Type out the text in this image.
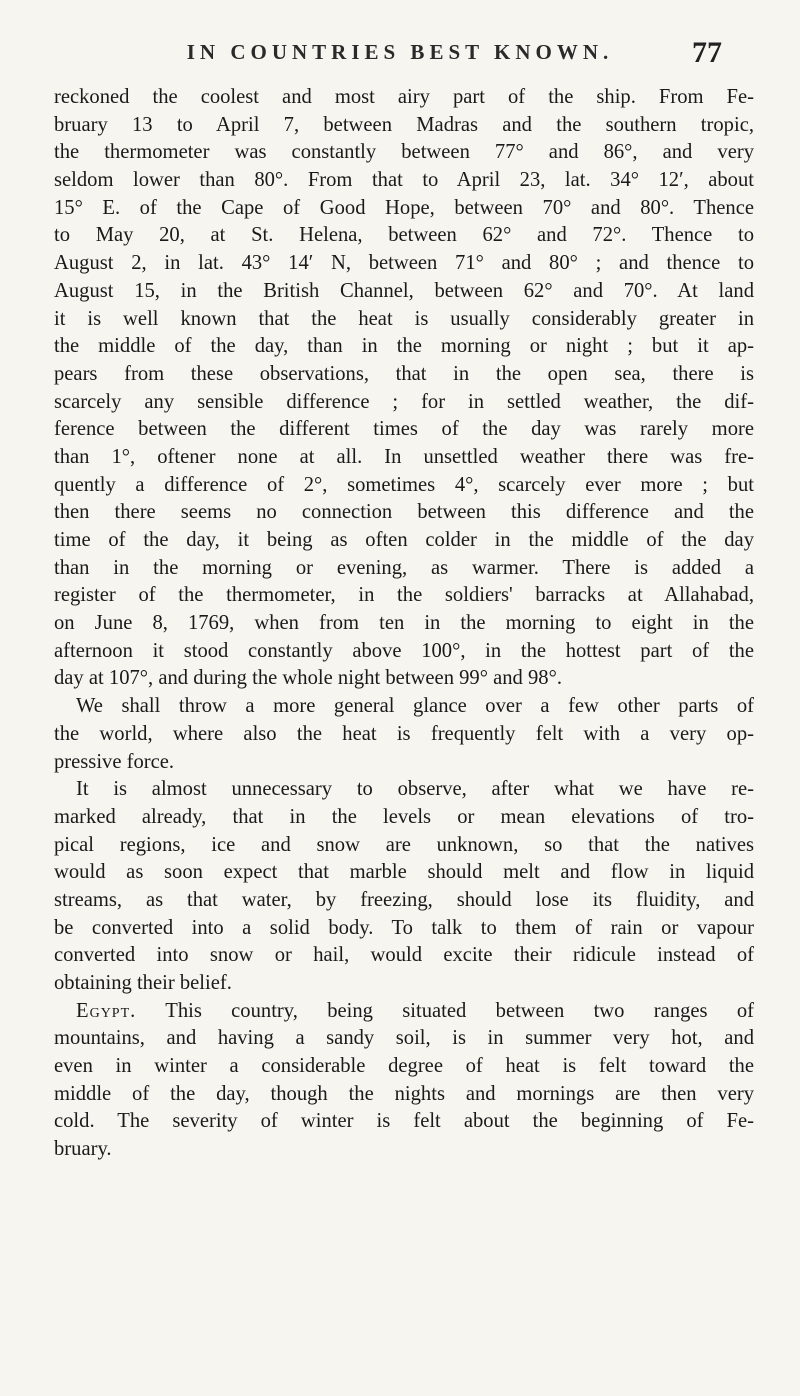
IN COUNTRIES BEST KNOWN.	77
reckoned the coolest and most airy part of the ship. From Fe-
bruary 13 to April 7, between Madras and the southern tropic,
the thermometer was constantly between 77° and 86°, and very
seldom lower than 80°. From that to April 23, lat. 34° 12′, about
15° E. of the Cape of Good Hope, between 70° and 80°. Thence
to May 20, at St. Helena, between 62° and 72°. Thence to
August 2, in lat. 43° 14′ N, between 71° and 80° ; and thence to
August 15, in the British Channel, between 62° and 70°. At land
it is well known that the heat is usually considerably greater in
the middle of the day, than in the morning or night ; but it ap-
pears from these observations, that in the open sea, there is
scarcely any sensible difference ; for in settled weather, the dif-
ference between the different times of the day was rarely more
than 1°, oftener none at all. In unsettled weather there was fre-
quently a difference of 2°, sometimes 4°, scarcely ever more ; but
then there seems no connection between this difference and the
time of the day, it being as often colder in the middle of the day
than in the morning or evening, as warmer. There is added a
register of the thermometer, in the soldiers' barracks at Allahabad,
on June 8, 1769, when from ten in the morning to eight in the
afternoon it stood constantly above 100°, in the hottest part of the
day at 107°, and during the whole night between 99° and 98°.
We shall throw a more general glance over a few other parts of
the world, where also the heat is frequently felt with a very op-
pressive force.
It is almost unnecessary to observe, after what we have re-
marked already, that in the levels or mean elevations of tro-
pical regions, ice and snow are unknown, so that the natives
would as soon expect that marble should melt and flow in liquid
streams, as that water, by freezing, should lose its fluidity, and
be converted into a solid body. To talk to them of rain or vapour
converted into snow or hail, would excite their ridicule instead of
obtaining their belief.
Egypt. This country, being situated between two ranges of
mountains, and having a sandy soil, is in summer very hot, and
even in winter a considerable degree of heat is felt toward the
middle of the day, though the nights and mornings are then very
cold. The severity of winter is felt about the beginning of Fe-
bruary.
